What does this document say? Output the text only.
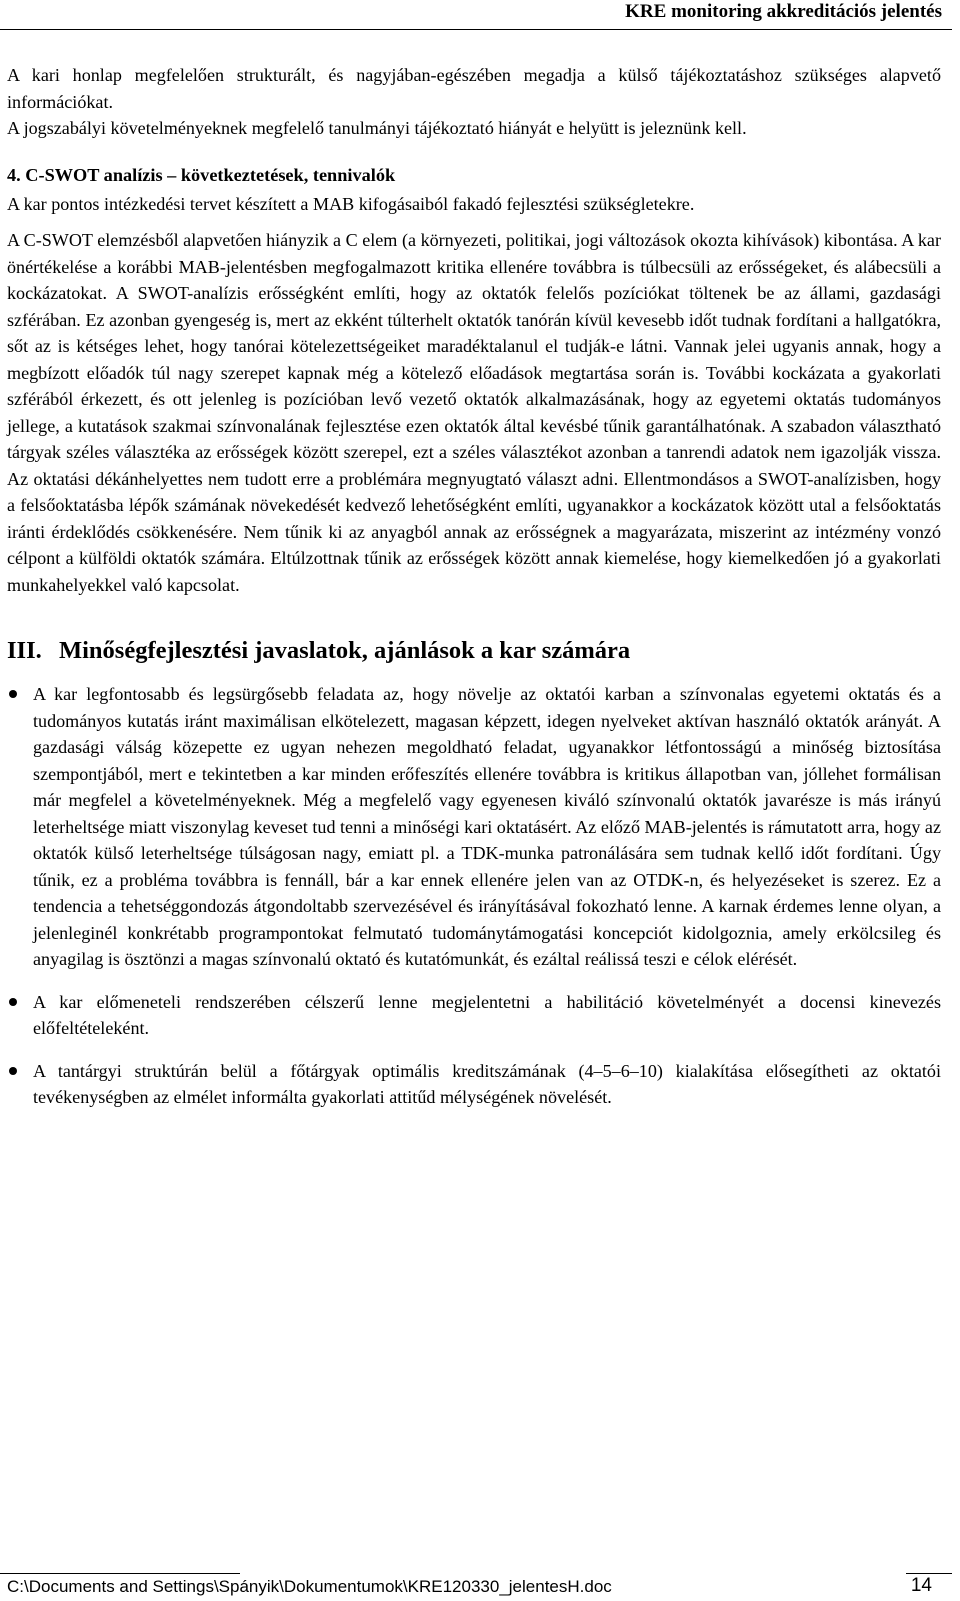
KRE monitoring akkreditációs jelentés

A kari honlap megfelelően strukturált, és nagyjában-egészében megadja a külső tájékoztatáshoz szükséges alapvető információkat.

A jogszabályi követelményeknek megfelelő tanulmányi tájékoztató hiányát e helyütt is jeleznünk kell.

4. C-SWOT analízis – következtetések, tennivalók

A kar pontos intézkedési tervet készített a MAB kifogásaiból fakadó fejlesztési szükségletekre.

A C-SWOT elemzésből alapvetően hiányzik a C elem (a környezeti, politikai, jogi változások okozta kihívások) kibontása. A kar önértékelése a korábbi MAB-jelentésben megfogalmazott kritika ellenére továbbra is túlbecsüli az erősségeket, és alábecsüli a kockázatokat. A SWOT-analízis erősségként említi, hogy az oktatók felelős pozíciókat töltenek be az állami, gazdasági szférában. Ez azonban gyengeség is, mert az ekként túlterhelt oktatók tanórán kívül kevesebb időt tudnak fordítani a hallgatókra, sőt az is kétséges lehet, hogy tanórai kötelezettségeiket maradéktalanul el tudják-e látni. Vannak jelei ugyanis annak, hogy a megbízott előadók túl nagy szerepet kapnak még a kötelező előadások megtartása során is. További kockázata a gyakorlati szférából érkezett, és ott jelenleg is pozícióban levő vezető oktatók alkalmazásának, hogy az egyetemi oktatás tudományos jellege, a kutatások szakmai színvonalának fejlesztése ezen oktatók által kevésbé tűnik garantálhatónak. A szabadon választható tárgyak széles választéka az erősségek között szerepel, ezt a széles választékot azonban a tanrendi adatok nem igazolják vissza. Az oktatási dékánhelyettes nem tudott erre a problémára megnyugtató választ adni. Ellentmondásos a SWOT-analízisben, hogy a felsőoktatásba lépők számának növekedését kedvező lehetőségként említi, ugyanakkor a kockázatok között utal a felsőoktatás iránti érdeklődés csökkenésére. Nem tűnik ki az anyagból annak az erősségnek a magyarázata, miszerint az intézmény vonzó célpont a külföldi oktatók számára. Eltúlzottnak tűnik az erősségek között annak kiemelése, hogy kiemelkedően jó a gyakorlati munkahelyekkel való kapcsolat.

III. Minőségfejlesztési javaslatok, ajánlások a kar számára

A kar legfontosabb és legsürgősebb feladata az, hogy növelje az oktatói karban a színvonalas egyetemi oktatás és a tudományos kutatás iránt maximálisan elkötelezett, magasan képzett, idegen nyelveket aktívan használó oktatók arányát. A gazdasági válság közepette ez ugyan nehezen megoldható feladat, ugyanakkor létfontosságú a minőség biztosítása szempontjából, mert e tekintetben a kar minden erőfeszítés ellenére továbbra is kritikus állapotban van, jóllehet formálisan már megfelel a követelményeknek. Még a megfelelő vagy egyenesen kiváló színvonalú oktatók javarésze is más irányú leterheltsége miatt viszonylag keveset tud tenni a minőségi kari oktatásért. Az előző MAB-jelentés is rámutatott arra, hogy az oktatók külső leterheltsége túlságosan nagy, emiatt pl. a TDK-munka patronálására sem tudnak kellő időt fordítani. Úgy tűnik, ez a probléma továbbra is fennáll, bár a kar ennek ellenére jelen van az OTDK-n, és helyezéseket is szerez. Ez a tendencia a tehetséggondozás átgondoltabb szervezésével és irányításával fokozható lenne. A karnak érdemes lenne olyan, a jelenleginél konkrétabb programpontokat felmutató tudománytámogatási koncepciót kidolgoznia, amely erkölcsileg és anyagilag is ösztönzi a magas színvonalú oktató és kutatómunkát, és ezáltal reálissá teszi e célok elérését.

A kar előmeneteli rendszerében célszerű lenne megjelentetni a habilitáció követelményét a docensi kinevezés előfeltételeként.

A tantárgyi struktúrán belül a főtárgyak optimális kreditszámának (4–5–6–10) kialakítása elősegítheti az oktatói tevékenységben az elmélet informálta gyakorlati attitűd mélységének növelését.

C:\Documents and Settings\Spányik\Dokumentumok\KRE120330_jelentesH.doc	14
